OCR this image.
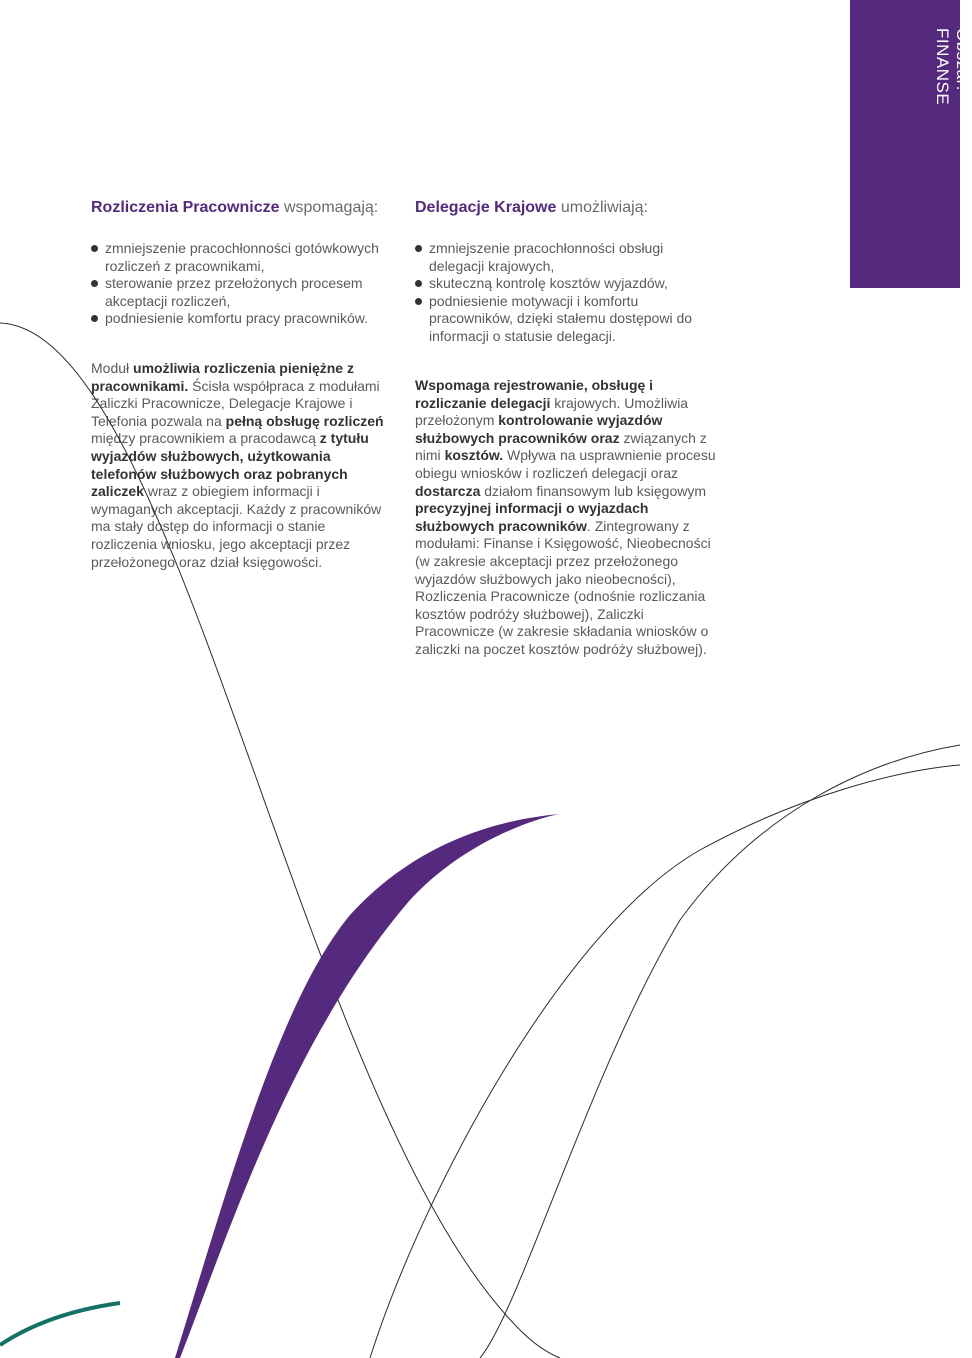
Obszar:
FINANSE
Rozliczenia Pracownicze wspomagają:
zmniejszenie pracochłonności gotówkowych rozliczeń z pracownikami,
sterowanie przez przełożonych procesem akceptacji rozliczeń,
podniesienie komfortu pracy pracowników.

Moduł umożliwia rozliczenia pieniężne z pracownikami. Ścisła współpraca z modułami Zaliczki Pracownicze, Delegacje Krajowe i Telefonia pozwala na pełną obsługę rozliczeń między pracownikiem a pracodawcą z tytułu wyjazdów służbowych, użytkowania telefonów służbowych oraz pobranych zaliczek wraz z obiegiem informacji i wymaganych akceptacji. Każdy z pracowników ma stały dostęp do informacji o stanie rozliczenia wniosku, jego akceptacji przez przełożonego oraz dział księgowości.

Delegacje Krajowe umożliwiają:
zmniejszenie pracochłonności obsługi delegacji krajowych,
skuteczną kontrolę kosztów wyjazdów,
podniesienie motywacji i komfortu pracowników, dzięki stałemu dostępowi do informacji o statusie delegacji.

Wspomaga rejestrowanie, obsługę i rozliczanie delegacji krajowych. Umożliwia przełożonym kontrolowanie wyjazdów służbowych pracowników oraz związanych z nimi kosztów. Wpływa na usprawnienie procesu obiegu wniosków i rozliczeń delegacji oraz dostarcza działom finansowym lub księgowym precyzyjnej informacji o wyjazdach służbowych pracowników. Zintegrowany z modułami: Finanse i Księgowość, Nieobecności (w zakresie akceptacji przez przełożonego wyjazdów służbowych jako nieobecności), Rozliczenia Pracownicze (odnośnie rozliczania kosztów podróży służbowej), Zaliczki Pracownicze (w zakresie składania wniosków o zaliczki na poczet kosztów podróży służbowej).
